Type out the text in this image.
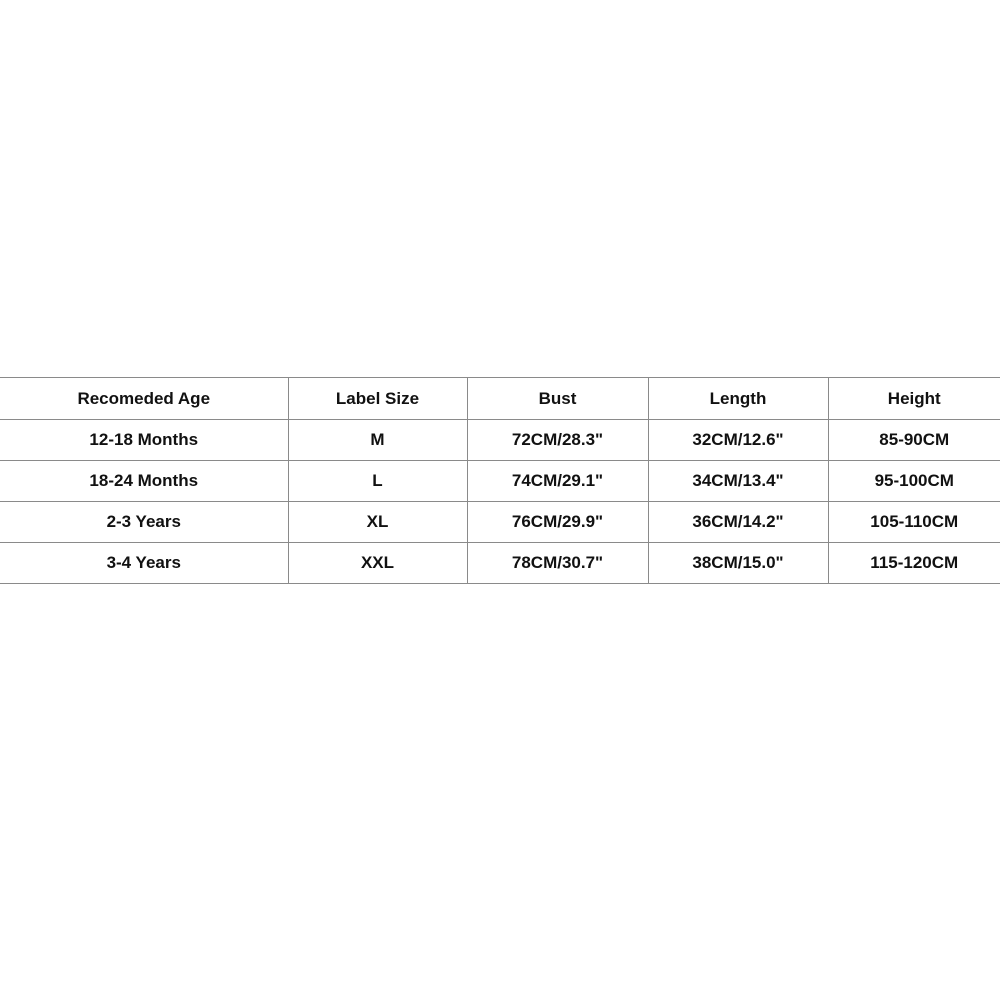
Recomeded Age	Label Size	Bust	Length	Height
12-18 Months	M	72CM/28.3"	32CM/12.6"	85-90CM
18-24 Months	L	74CM/29.1"	34CM/13.4"	95-100CM
2-3 Years	XL	76CM/29.9"	36CM/14.2"	105-110CM
3-4 Years	XXL	78CM/30.7"	38CM/15.0"	115-120CM
